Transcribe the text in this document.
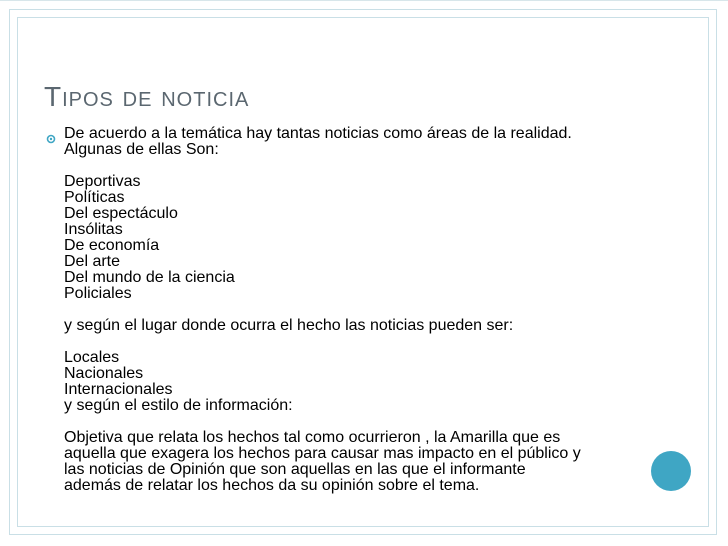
Tipos de noticia
De acuerdo a la temática hay tantas noticias como áreas de la realidad.
Algunas de ellas Son:
Deportivas
Políticas
Del espectáculo
Insólitas
De economía
Del arte
Del mundo de la ciencia
Policiales
y según el lugar donde ocurra el hecho las noticias pueden ser:
Locales
Nacionales
Internacionales
y según el estilo de información:
Objetiva que relata los hechos tal como ocurrieron , la Amarilla que es
aquella que exagera los hechos para causar mas impacto en el público y
las noticias de Opinión que son aquellas en las que el informante
además de relatar los hechos da su opinión sobre el tema.
